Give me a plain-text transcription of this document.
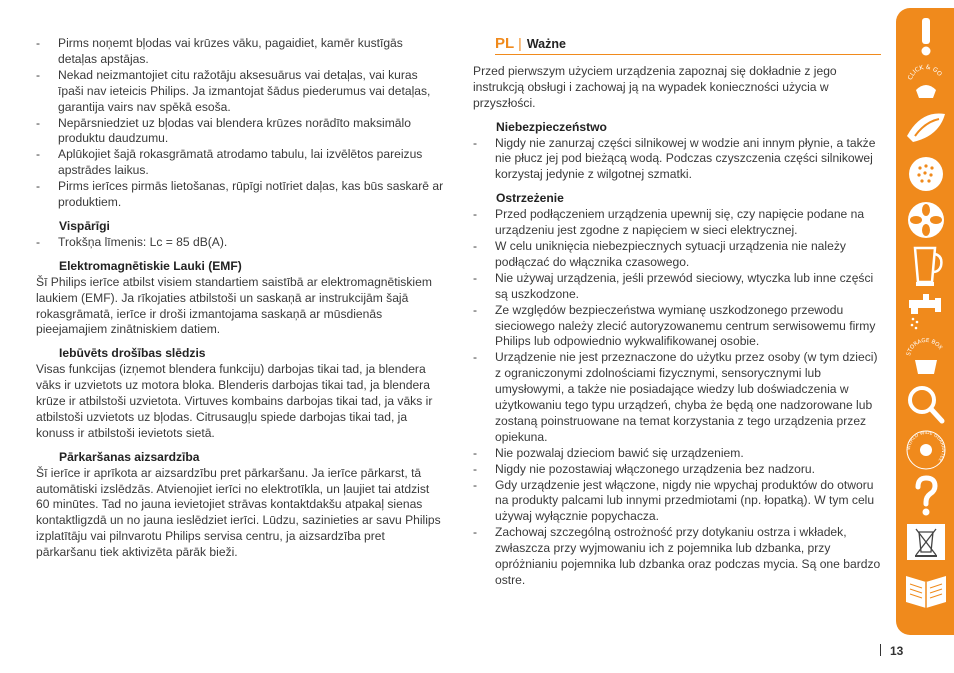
-	Pirms noņemt bļodas vai krūzes vāku, pagaidiet, kamēr kustīgās detaļas apstājas.
-	Nekad neizmantojiet citu ražotāju aksesuārus vai detaļas, vai kuras īpaši nav ieteicis Philips. Ja izmantojat šādus piederumus vai detaļas, garantija vairs nav spēkā esoša.
-	Nepārsniedziet uz bļodas vai blendera krūzes norādīto maksimālo produktu daudzumu.
-	Aplūkojiet šajā rokasgrāmatā atrodamo tabulu, lai izvēlētos pareizus apstrādes laikus.
-	Pirms ierīces pirmās lietošanas, rūpīgi notīriet daļas, kas būs saskarē ar produktiem.
Vispārīgi
-	Trokšņa līmenis: Lc = 85 dB(A).
Elektromagnētiskie Lauki (EMF)
Šī Philips ierīce atbilst visiem standartiem saistībā ar elektromagnētiskiem laukiem (EMF). Ja rīkojaties atbilstoši un saskaņā ar instrukcijām šajā rokasgrāmatā, ierīce ir droši izmantojama saskaņā ar mūsdienās pieejamajiem zinātniskiem datiem.
Iebūvēts drošības slēdzis
Visas funkcijas (izņemot blendera funkciju) darbojas tikai tad, ja blendera vāks ir uzvietots uz motora bloka. Blenderis darbojas tikai tad, ja blendera krūze ir atbilstoši uzvietota. Virtuves kombains darbojas tikai tad, ja vāks ir atbilstoši uzvietots uz bļodas. Citrusaugļu spiede darbojas tikai tad, ja konuss ir atbilstoši ievietots sietā.
Pārkaršanas aizsardzība
Šī ierīce ir aprīkota ar aizsardzību pret pārkaršanu. Ja ierīce pārkarst, tā automātiski izslēdzās. Atvienojiet ierīci no elektrotīkla, un ļaujiet tai atdzist 60 minūtes. Tad no jauna ievietojiet strāvas kontaktdakšu atpakaļ sienas kontaktligzdā un no jauna ieslēdziet ierīci. Lūdzu, sazinieties ar savu Philips izplatītāju vai pilnvarotu Philips servisa centru, ja aizsardzība pret pārkaršanu tiek aktivizēta pārāk bieži.
PL | Ważne
Przed pierwszym użyciem urządzenia zapoznaj się dokładnie z jego instrukcją obsługi i zachowaj ją na wypadek konieczności użycia w przyszłości.
Niebezpieczeństwo
-	Nigdy nie zanurzaj części silnikowej w wodzie ani innym płynie, a także nie płucz jej pod bieżącą wodą. Podczas czyszczenia części silnikowej korzystaj jedynie z wilgotnej szmatki.
Ostrzeżenie
-	Przed podłączeniem urządzenia upewnij się, czy napięcie podane na urządzeniu jest zgodne z napięciem w sieci elektrycznej.
-	W celu uniknięcia niebezpiecznych sytuacji urządzenia nie należy podłączać do włącznika czasowego.
-	Nie używaj urządzenia, jeśli przewód sieciowy, wtyczka lub inne części są uszkodzone.
-	Ze względów bezpieczeństwa wymianę uszkodzonego przewodu sieciowego należy zlecić autoryzowanemu centrum serwisowemu firmy Philips lub odpowiednio wykwalifikowanej osobie.
-	Urządzenie nie jest przeznaczone do użytku przez osoby (w tym dzieci) z ograniczonymi zdolnościami fizycznymi, sensorycznymi lub umysłowymi, a także nie posiadające wiedzy lub doświadczenia w użytkowaniu tego typu urządzeń, chyba że będą one nadzorowane lub zostaną poinstruowane na temat korzystania z tego urządzenia przez opiekuna.
-	Nie pozwalaj dzieciom bawić się urządzeniem.
-	Nigdy nie pozostawiaj włączonego urządzenia bez nadzoru.
-	Gdy urządzenie jest włączone, nigdy nie wpychaj produktów do otworu na produkty palcami lub innymi przedmiotami (np. łopatką). W tym celu używaj wyłącznie popychacza.
-	Zachowaj szczególną ostrożność przy dotykaniu ostrza i wkładek, zwłaszcza przy wyjmowaniu ich z pojemnika lub dzbanka, przy opróżnianiu pojemnika lub dzbanka oraz podczas mycia. Są one bardzo ostre.
CLICK & GO
STORAGE BOX
WORLD WIDE GUARANTEE
13
